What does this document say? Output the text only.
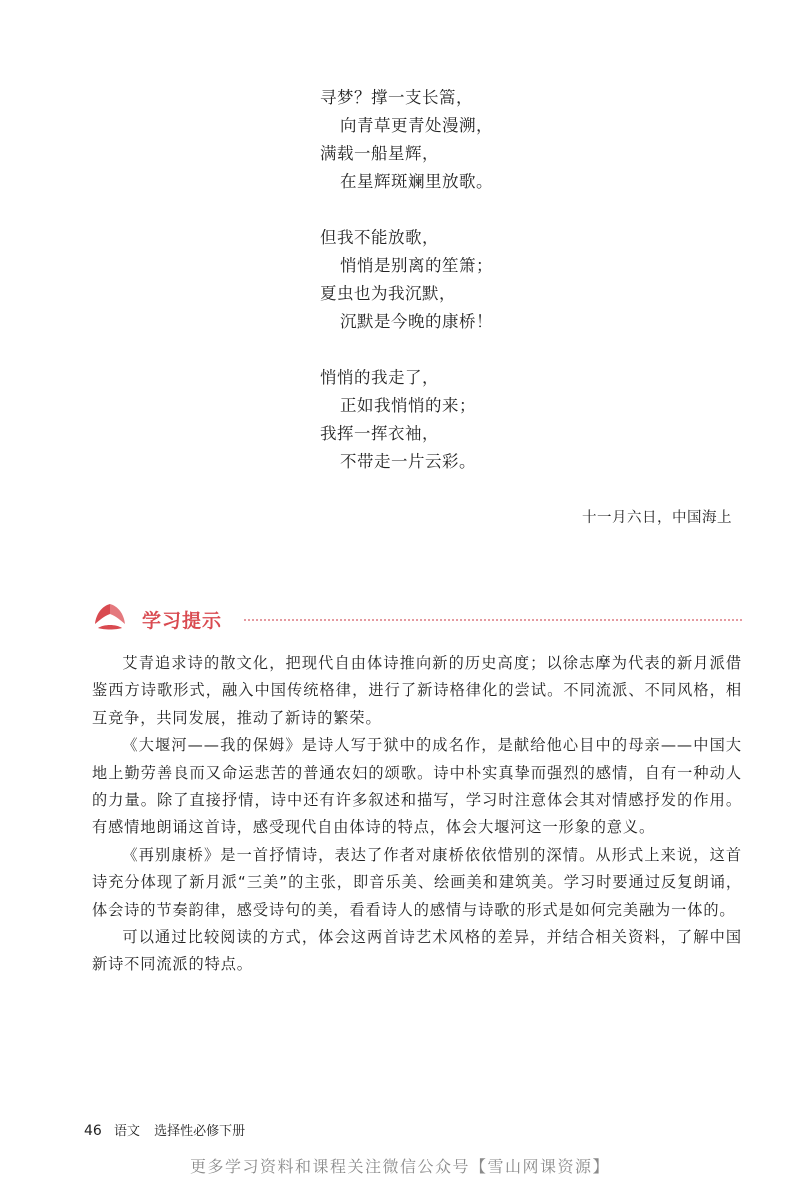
寻梦？撑一支长篙，
向青草更青处漫溯，
满载一船星辉，
在星辉斑斓里放歌。
但我不能放歌，
悄悄是别离的笙箫；
夏虫也为我沉默，
沉默是今晚的康桥！
悄悄的我走了，
正如我悄悄的来；
我挥一挥衣袖，
不带走一片云彩。
十一月六日，中国海上
学习提示

艾青追求诗的散文化，把现代自由体诗推向新的历史高度；以徐志摩为代表的新月派借鉴西方诗歌形式，融入中国传统格律，进行了新诗格律化的尝试。不同流派、不同风格，相互竞争，共同发展，推动了新诗的繁荣。

《大堰河——我的保姆》是诗人写于狱中的成名作，是献给他心目中的母亲——中国大地上勤劳善良而又命运悲苦的普通农妇的颂歌。诗中朴实真挚而强烈的感情，自有一种动人的力量。除了直接抒情，诗中还有许多叙述和描写，学习时注意体会其对情感抒发的作用。有感情地朗诵这首诗，感受现代自由体诗的特点，体会大堰河这一形象的意义。

《再别康桥》是一首抒情诗，表达了作者对康桥依依惜别的深情。从形式上来说，这首诗充分体现了新月派“三美”的主张，即音乐美、绘画美和建筑美。学习时要通过反复朗诵，体会诗的节奏韵律，感受诗句的美，看看诗人的感情与诗歌的形式是如何完美融为一体的。

可以通过比较阅读的方式，体会这两首诗艺术风格的差异，并结合相关资料，了解中国新诗不同流派的特点。

46 语文 选择性必修下册
更多学习资料和课程关注微信公众号【雪山网课资源】
